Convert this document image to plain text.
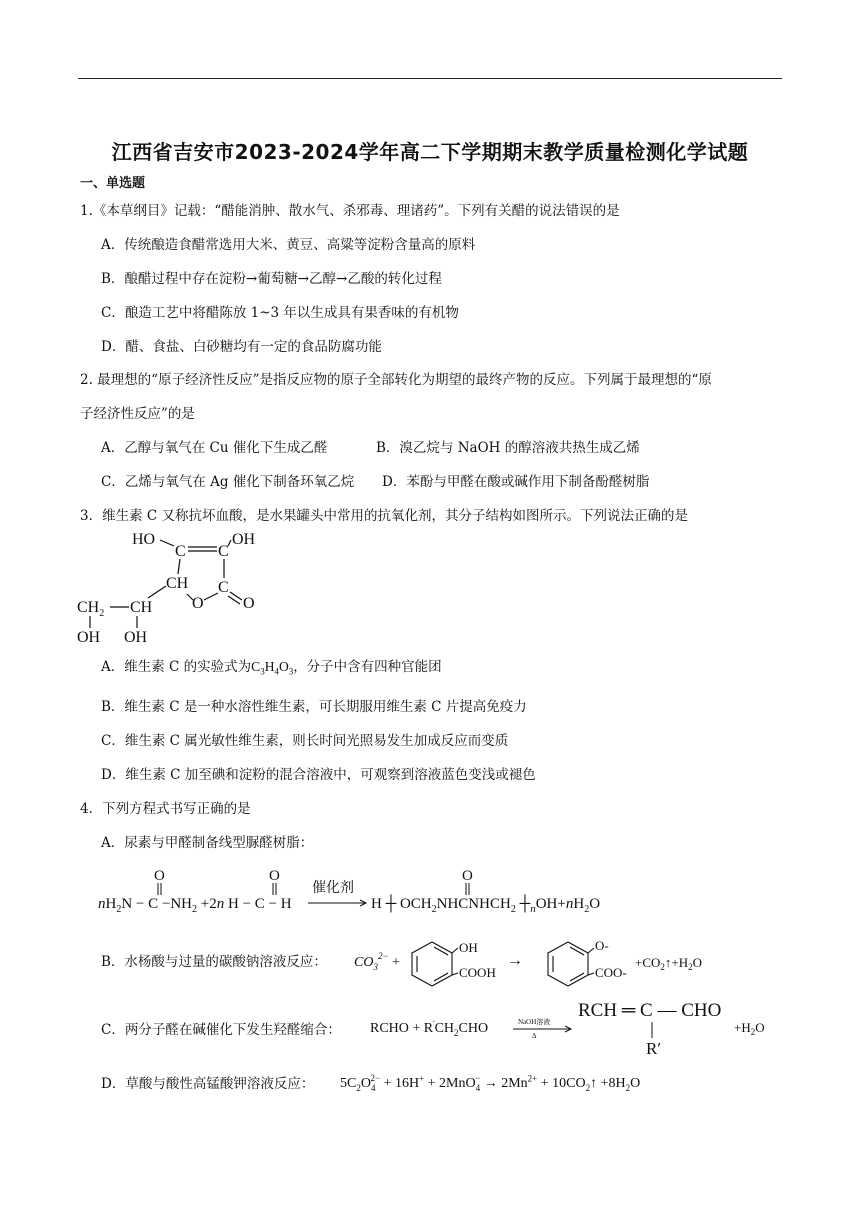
江西省吉安市2023-2024学年高二下学期期末教学质量检测化学试题
一、单选题
1.《本草纲目》记载：“醋能消肿、散水气、杀邪毒、理诸药”。下列有关醋的说法错误的是
A．传统酿造食醋常选用大米、黄豆、高粱等淀粉含量高的原料
B．酿醋过程中存在淀粉→葡萄糖→乙醇→乙酸的转化过程
C．酿造工艺中将醋陈放 1~3 年以生成具有果香味的有机物
D．醋、食盐、白砂糖均有一定的食品防腐功能
2. 最理想的“原子经济性反应”是指反应物的原子全部转化为期望的最终产物的反应。下列属于最理想的“原
子经济性反应”的是
A．乙醇与氧气在 Cu 催化下生成乙醛	B．溴乙烷与 NaOH 的醇溶液共热生成乙烯
C．乙烯与氧气在 Ag 催化下制备环氧乙烷 D．苯酚与甲醛在酸或碱作用下制备酚醛树脂
3．维生素 C 又称抗坏血酸，是水果罐头中常用的抗氧化剂，其分子结构如图所示。下列说法正确的是
HO
C
OH
C
CH C
O O
$CH_2$ CH
OH OH
A．维生素 C 的实验式为$C_3H_4O_3$，分子中含有四种官能团
B．维生素 C 是一种水溶性维生素，可长期服用维生素 C 片提高免疫力
C．维生素 C 属光敏性维生素，则长时间光照易发生加成反应而变质
D．维生素 C 加至碘和淀粉的混合溶液中，可观察到溶液蓝色变浅或褪色
4．下列方程式书写正确的是
A．尿素与甲醛制备线型脲醛树脂：
$nH_2N - C -NH_2 +2n$ H − C − H
O	O
催化剂
H ┼ $OCH_2NHCNHCH_2$ $┼_nOH+nH_2O$
O
B．水杨酸与过量的碳酸钠溶液反应： $CO_3^{2-}$ +
OH
COOH
→
O-
COO-
$+CO_2↑+H_2O$
C．两分子醛在碱催化下发生羟醛缩合： RCHO + $R'CH_2CHO$	NaOH溶液
Δ
RCH ═ C — CHO
R′
$+H_2O$
D．草酸与酸性高锰酸钾溶液反应： $5C_2O_4^{2-} + 16H^+ + 2MnO_4^- \to 2Mn^{2+}$ + $10CO_2↑ +8H_2O$
